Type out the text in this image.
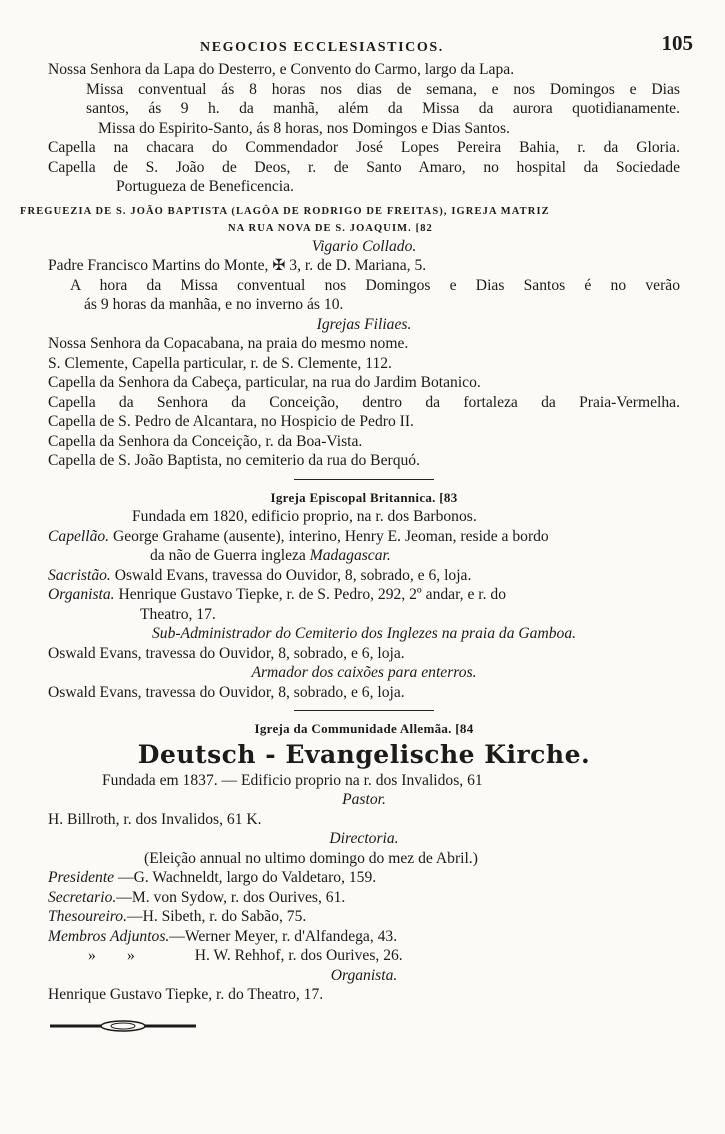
NEGOCIOS ECCLESIASTICOS.	105
Nossa Senhora da Lapa do Desterro, e Convento do Carmo, largo da Lapa.
Missa conventual ás 8 horas nos dias de semana, e nos Domingos e Dias
santos, ás 9 h. da manhã, além da Missa da aurora quotidianamente.
Missa do Espirito-Santo, ás 8 horas, nos Domingos e Dias Santos.
Capella na chacara do Commendador José Lopes Pereira Bahia, r. da Gloria.
Capella de S. João de Deos, r. de Santo Amaro, no hospital da Sociedade
Portugueza de Beneficencia.
FREGUEZIA DE S. JOÃO BAPTISTA (LAGÔA DE RODRIGO DE FREITAS), IGREJA MATRIZ
NA RUA NOVA DE S. JOAQUIM. [82
Vigario Collado.
Padre Francisco Martins do Monte, ✠ 3, r. de D. Mariana, 5.
A hora da Missa conventual nos Domingos e Dias Santos é no verão
ás 9 horas da manhãa, e no inverno ás 10.
Igrejas Filiaes.
Nossa Senhora da Copacabana, na praia do mesmo nome.
S. Clemente, Capella particular, r. de S. Clemente, 112.
Capella da Senhora da Cabeça, particular, na rua do Jardim Botanico.
Capella da Senhora da Conceição, dentro da fortaleza da Praia-Vermelha.
Capella de S. Pedro de Alcantara, no Hospicio de Pedro II.
Capella da Senhora da Conceição, r. da Boa-Vista.
Capella de S. João Baptista, no cemiterio da rua do Berquó.
Igreja Episcopal Britannica. [83
Fundada em 1820, edificio proprio, na r. dos Barbonos.
Capellão. George Grahame (ausente), interino, Henry E. Jeoman, reside a bordo
da não de Guerra ingleza Madagascar.
Sacristão. Oswald Evans, travessa do Ouvidor, 8, sobrado, e 6, loja.
Organista. Henrique Gustavo Tiepke, r. de S. Pedro, 292, 2º andar, e r. do
Theatro, 17.
Sub-Administrador do Cemiterio dos Inglezes na praia da Gamboa.
Oswald Evans, travessa do Ouvidor, 8, sobrado, e 6, loja.
Armador dos caixões para enterros.
Oswald Evans, travessa do Ouvidor, 8, sobrado, e 6, loja.
Igreja da Communidade Allemãa. [84
Deutsch - Evangelische Kirche.
Fundada em 1837. — Edificio proprio na r. dos Invalidos, 61
Pastor.
H. Billroth, r. dos Invalidos, 61 K.
Directoria.
(Eleição annual no ultimo domingo do mez de Abril.)
Presidente —G. Wachneldt, largo do Valdetaro, 159.
Secretario.—M. von Sydow, r. dos Ourives, 61.
Thesoureiro.—H. Sibeth, r. do Sabão, 75.
Membros Adjuntos.—Werner Meyer, r. d'Alfandega, 43.
»        »	H. W. Rehhof, r. dos Ourives, 26.
Organista.
Henrique Gustavo Tiepke, r. do Theatro, 17.
